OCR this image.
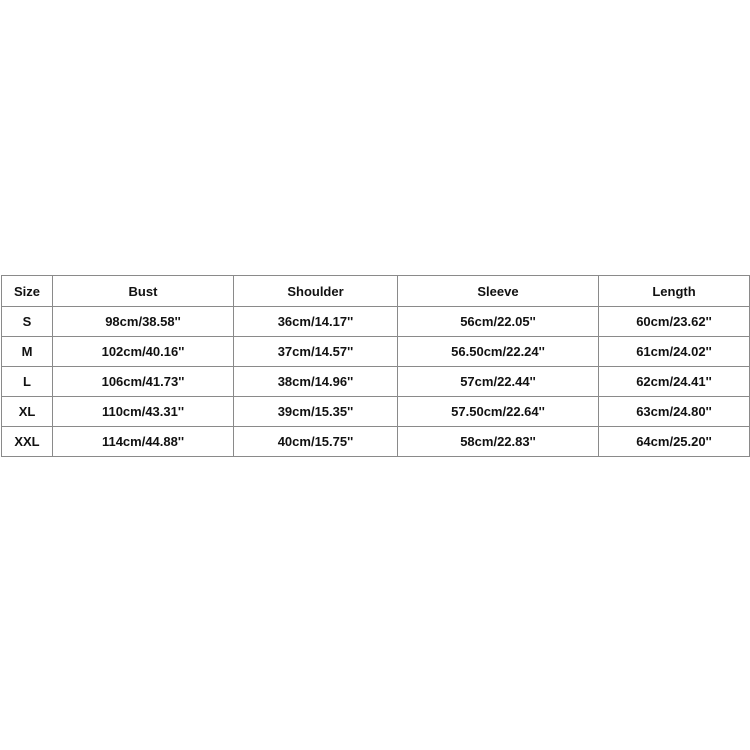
Size	Bust	Shoulder	Sleeve	Length
S	98cm/38.58''	36cm/14.17''	56cm/22.05''	60cm/23.62''
M	102cm/40.16''	37cm/14.57''	56.50cm/22.24''	61cm/24.02''
L	106cm/41.73''	38cm/14.96''	57cm/22.44''	62cm/24.41''
XL	110cm/43.31''	39cm/15.35''	57.50cm/22.64''	63cm/24.80''
XXL	114cm/44.88''	40cm/15.75''	58cm/22.83''	64cm/25.20''
